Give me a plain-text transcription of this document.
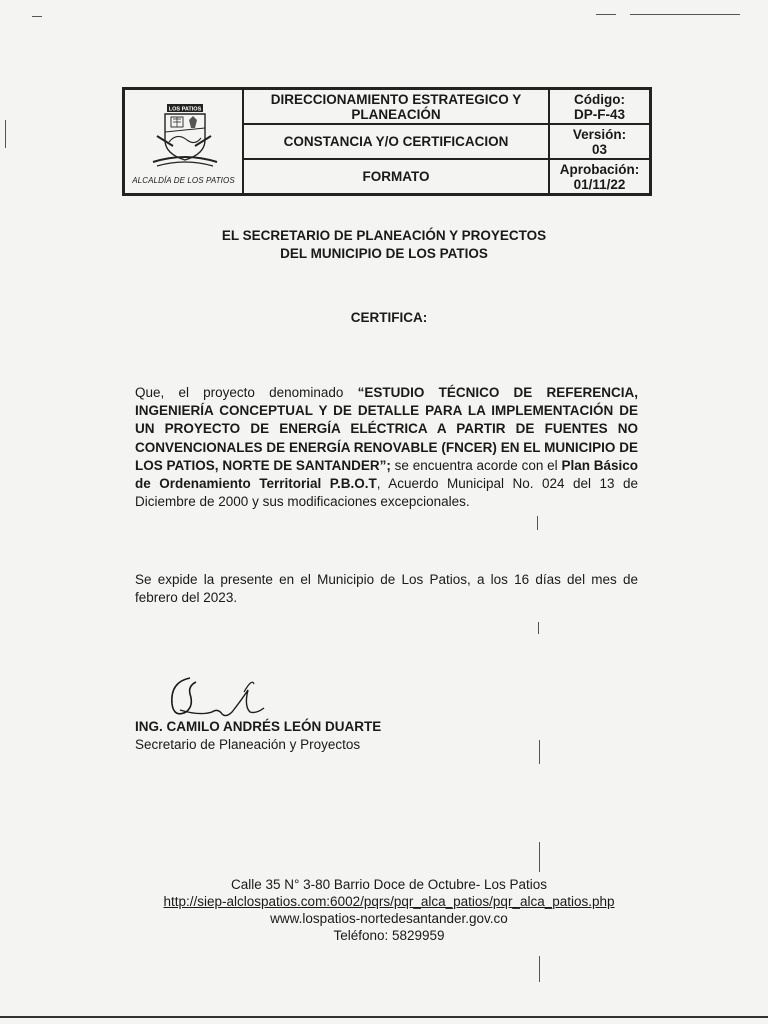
LOS PATIOS
ALCALDÍA DE LOS PATIOS
DIRECCIONAMIENTO ESTRATEGICO Y PLANEACIÓN
Código:
DP-F-43
CONSTANCIA Y/O CERTIFICACION	Versión:
03
FORMATO	Aprobación:
01/11/22
EL SECRETARIO DE PLANEACIÓN Y PROYECTOS
DEL MUNICIPIO DE LOS PATIOS
CERTIFICA:
Que, el proyecto denominado “ESTUDIO TÉCNICO DE REFERENCIA, INGENIERÍA CONCEPTUAL Y DE DETALLE PARA LA IMPLEMENTACIÓN DE UN PROYECTO DE ENERGÍA ELÉCTRICA A PARTIR DE FUENTES NO CONVENCIONALES DE ENERGÍA RENOVABLE (FNCER) EN EL MUNICIPIO DE LOS PATIOS, NORTE DE SANTANDER”; se encuentra acorde con el Plan Básico de Ordenamiento Territorial P.B.O.T, Acuerdo Municipal No. 024 del 13 de Diciembre de 2000 y sus modificaciones excepcionales.
Se expide la presente en el Municipio de Los Patios, a los 16 días del mes de febrero del 2023.
ING. CAMILO ANDRÉS LEÓN DUARTE
Secretario de Planeación y Proyectos
Calle 35 N° 3-80 Barrio Doce de Octubre- Los Patios
http://siep-alclospatios.com:6002/pqrs/pqr_alca_patios/pqr_alca_patios.php
www.lospatios-nortedesantander.gov.co
Teléfono: 5829959
